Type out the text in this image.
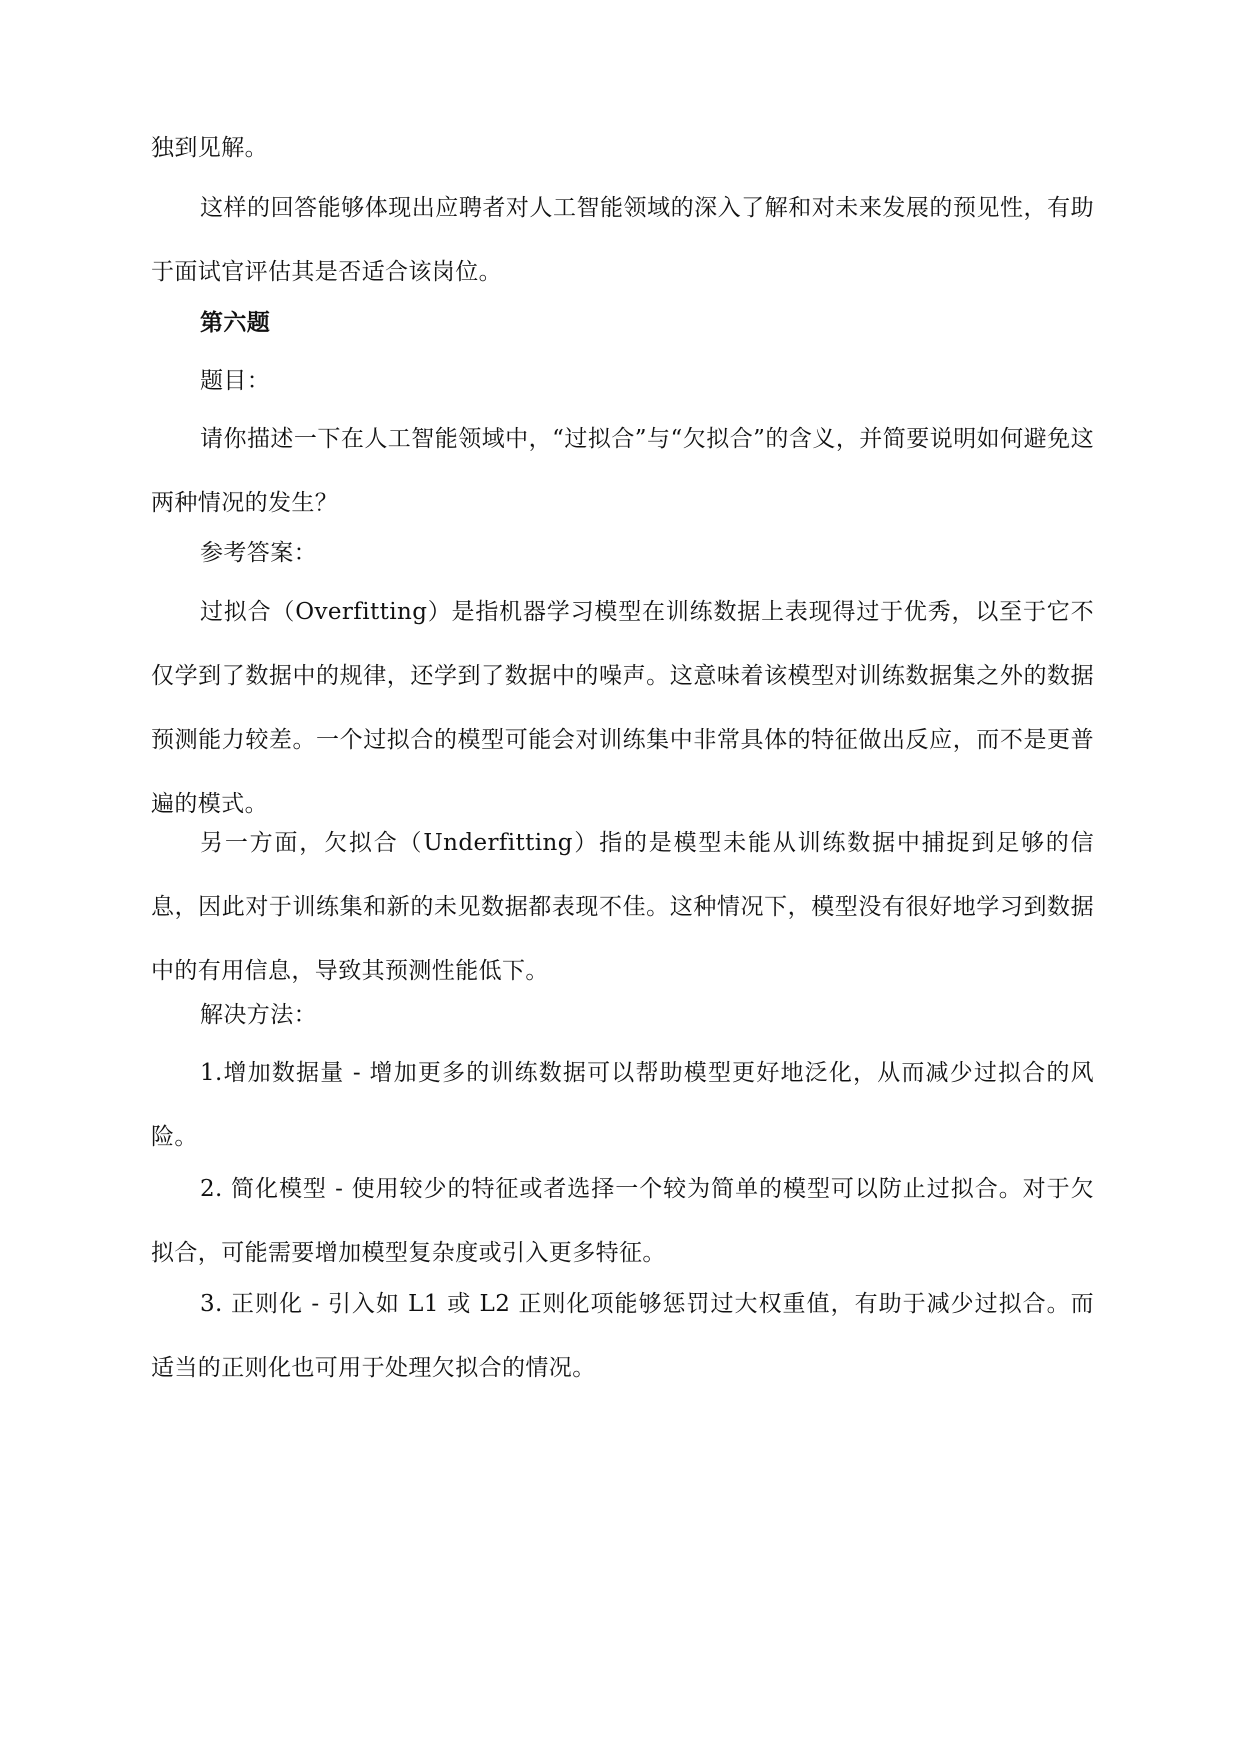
独到见解。

这样的回答能够体现出应聘者对人工智能领域的深入了解和对未来发展的预见性，有助于面试官评估其是否适合该岗位。

第六题

题目：

请你描述一下在人工智能领域中，“过拟合”与“欠拟合”的含义，并简要说明如何避免这两种情况的发生？

参考答案：

过拟合（Overfitting）是指机器学习模型在训练数据上表现得过于优秀，以至于它不仅学到了数据中的规律，还学到了数据中的噪声。这意味着该模型对训练数据集之外的数据预测能力较差。一个过拟合的模型可能会对训练集中非常具体的特征做出反应，而不是更普遍的模式。

另一方面，欠拟合（Underfitting）指的是模型未能从训练数据中捕捉到足够的信息，因此对于训练集和新的未见数据都表现不佳。这种情况下，模型没有很好地学习到数据中的有用信息，导致其预测性能低下。

解决方法：

1.增加数据量 - 增加更多的训练数据可以帮助模型更好地泛化，从而减少过拟合的风险。

2. 简化模型 - 使用较少的特征或者选择一个较为简单的模型可以防止过拟合。对于欠拟合，可能需要增加模型复杂度或引入更多特征。

3. 正则化 - 引入如 L1 或 L2 正则化项能够惩罚过大权重值，有助于减少过拟合。而适当的正则化也可用于处理欠拟合的情况。
